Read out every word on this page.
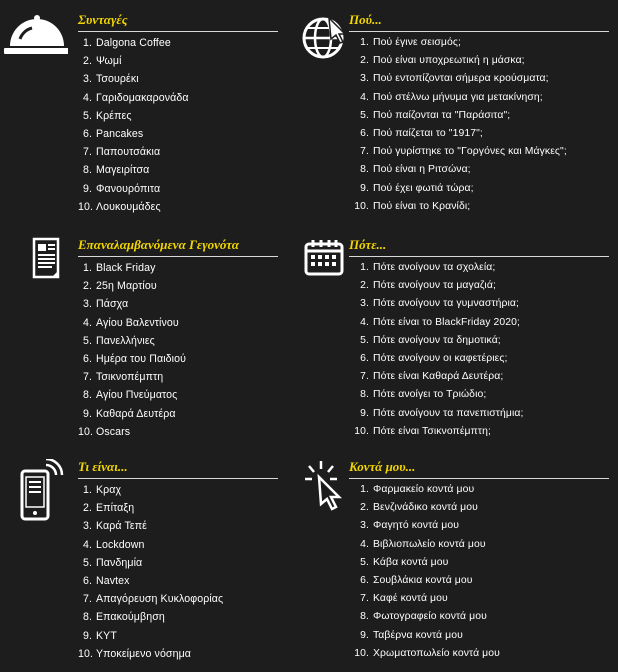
Συνταγές
1. Dalgona Coffee
2. Ψωμί
3. Τσουρέκι
4. Γαριδομακαρονάδα
5. Κρέπες
6. Pancakes
7. Παπουτσάκια
8. Μαγειρίτσα
9. Φανουρόπιτα
10. Λουκουμάδες
Πού...
1. Πού έγινε σεισμός;
2. Πού είναι υποχρεωτική η μάσκα;
3. Πού εντοπίζονται σήμερα κρούσματα;
4. Πού στέλνω μήνυμα για μετακίνηση;
5. Πού παίζονται τα "Παράσιτα";
6. Πού παίζεται το "1917";
7. Πού γυρίστηκε το "Γοργόνες και Μάγκες";
8. Πού είναι η Ριτσώνα;
9. Πού έχει φωτιά τώρα;
10. Πού είναι το Κρανίδι;
Επαναλαμβανόμενα Γεγονότα
1. Black Friday
2. 25η Μαρτίου
3. Πάσχα
4. Αγίου Βαλεντίνου
5. Πανελλήνιες
6. Ημέρα του Παιδιού
7. Τσικνοπέμπτη
8. Αγίου Πνεύματος
9. Καθαρά Δευτέρα
10. Oscars
Πότε...
1. Πότε ανοίγουν τα σχολεία;
2. Πότε ανοίγουν τα μαγαζιά;
3. Πότε ανοίγουν τα γυμναστήρια;
4. Πότε είναι το BlackFriday 2020;
5. Πότε ανοίγουν τα δημοτικά;
6. Πότε ανοίγουν οι καφετέριες;
7. Πότε είναι Καθαρά Δευτέρα;
8. Πότε ανοίγει το Τριώδιο;
9. Πότε ανοίγουν τα πανεπιστήμια;
10. Πότε είναι Τσικνοπέμπτη;
Τι είναι...
1. Κραχ
2. Επίταξη
3. Καρά Τεπέ
4. Lockdown
5. Πανδημία
6. Navtex
7. Απαγόρευση Κυκλοφορίας
8. Επακούμβηση
9. ΚΥΤ
10. Υποκείμενο νόσημα
Κοντά μου...
1. Φαρμακείο κοντά μου
2. Βενζινάδικο κοντά μου
3. Φαγητό κοντά μου
4. Βιβλιοπωλείο κοντά μου
5. Κάβα κοντά μου
6. Σουβλάκια κοντά μου
7. Καφέ κοντά μου
8. Φωτογραφείο κοντά μου
9. Ταβέρνα κοντά μου
10. Χρωματοπωλείο κοντά μου
